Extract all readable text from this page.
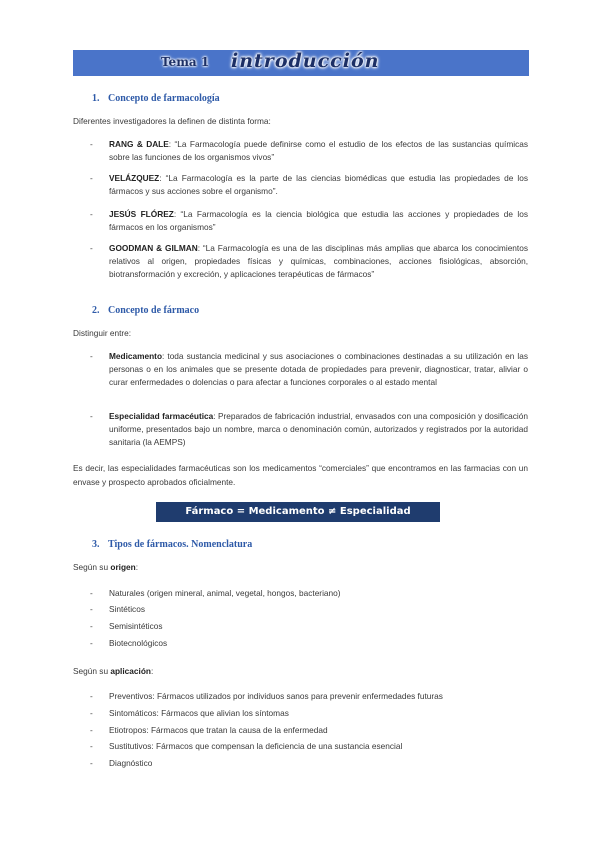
Tema 1 introducción
1. Concepto de farmacología
Diferentes investigadores la definen de distinta forma:
- RANG & DALE: “La Farmacología puede definirse como el estudio de los efectos de las sustancias químicas sobre las funciones de los organismos vivos”
- VELÁZQUEZ: “La Farmacología es la parte de las ciencias biomédicas que estudia las propiedades de los fármacos y sus acciones sobre el organismo”.
- JESÚS FLÓREZ: “La Farmacología es la ciencia biológica que estudia las acciones y propiedades de los fármacos en los organismos”
- GOODMAN & GILMAN: “La Farmacología es una de las disciplinas más amplias que abarca los conocimientos relativos al origen, propiedades físicas y químicas, combinaciones, acciones fisiológicas, absorción, biotransformación y excreción, y aplicaciones terapéuticas de fármacos”
2. Concepto de fármaco
Distinguir entre:
- Medicamento: toda sustancia medicinal y sus asociaciones o combinaciones destinadas a su utilización en las personas o en los animales que se presente dotada de propiedades para prevenir, diagnosticar, tratar, aliviar o curar enfermedades o dolencias o para afectar a funciones corporales o al estado mental
- Especialidad farmacéutica: Preparados de fabricación industrial, envasados con una composición y dosificación uniforme, presentados bajo un nombre, marca o denominación común, autorizados y registrados por la autoridad sanitaria (la AEMPS)
Es decir, las especialidades farmacéuticas son los medicamentos “comerciales” que encontramos en las farmacias con un envase y prospecto aprobados oficialmente.
Fármaco = Medicamento ≠ Especialidad farmacéutica
3. Tipos de fármacos. Nomenclatura
Según su origen:
- Naturales (origen mineral, animal, vegetal, hongos, bacteriano)
- Sintéticos
- Semisintéticos
- Biotecnológicos
Según su aplicación:
- Preventivos: Fármacos utilizados por individuos sanos para prevenir enfermedades futuras
- Sintomáticos: Fármacos que alivian los síntomas
- Etiotropos: Fármacos que tratan la causa de la enfermedad
- Sustitutivos: Fármacos que compensan la deficiencia de una sustancia esencial
- Diagnóstico
